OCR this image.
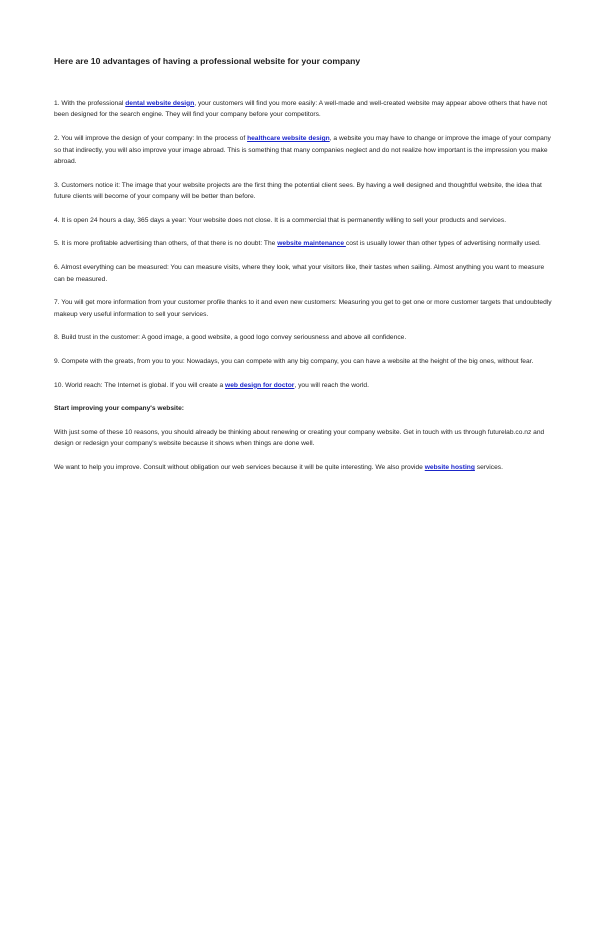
Here are 10 advantages of having a professional website for your company

1. With the professional dental website design, your customers will find you more easily: A well-made and well-created website may appear above others that have not been designed for the search engine. They will find your company before your competitors.

2. You will improve the design of your company: In the process of healthcare website design, a website you may have to change or improve the image of your company so that indirectly, you will also improve your image abroad. This is something that many companies neglect and do not realize how important is the impression you make abroad.

3. Customers notice it: The image that your website projects are the first thing the potential client sees. By having a well designed and thoughtful website, the idea that future clients will become of your company will be better than before.

4. It is open 24 hours a day, 365 days a year: Your website does not close. It is a commercial that is permanently willing to sell your products and services.

5. It is more profitable advertising than others, of that there is no doubt: The website maintenance cost is usually lower than other types of advertising normally used.

6. Almost everything can be measured: You can measure visits, where they look, what your visitors like, their tastes when sailing. Almost anything you want to measure can be measured.

7. You will get more information from your customer profile thanks to it and even new customers: Measuring you get to get one or more customer targets that undoubtedly makeup very useful information to sell your services.

8. Build trust in the customer: A good image, a good website, a good logo convey seriousness and above all confidence.

9. Compete with the greats, from you to you: Nowadays, you can compete with any big company, you can have a website at the height of the big ones, without fear.

10. World reach: The Internet is global. If you will create a web design for doctor, you will reach the world.

Start improving your company's website:

With just some of these 10 reasons, you should already be thinking about renewing or creating your company website. Get in touch with us through futurelab.co.nz and design or redesign your company's website because it shows when things are done well.

We want to help you improve. Consult without obligation our web services because it will be quite interesting. We also provide website hosting services.
